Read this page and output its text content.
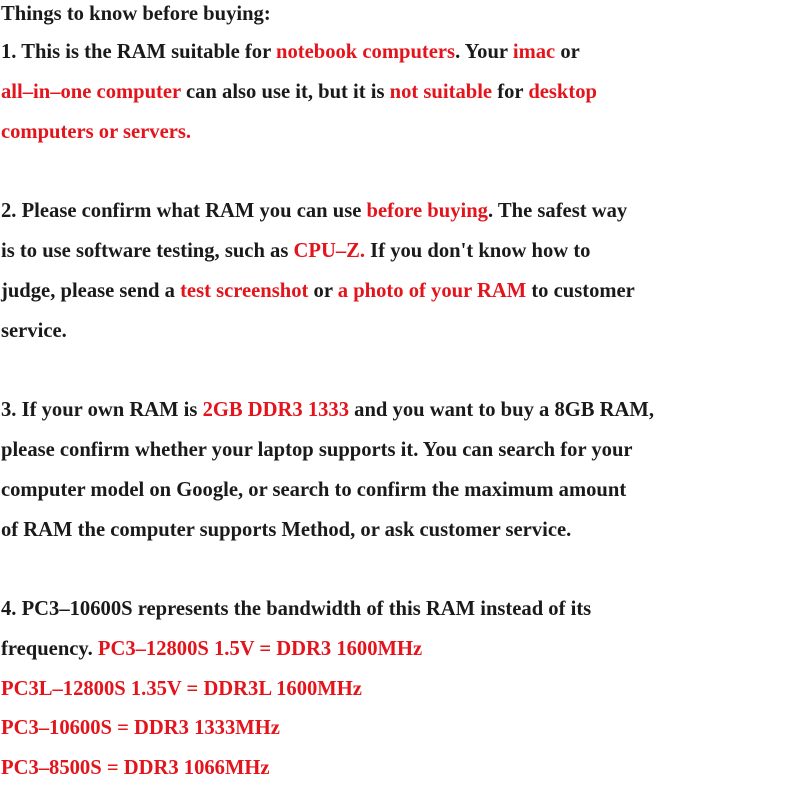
Things to know before buying:
1. This is the RAM suitable for notebook computers. Your imac or
all–in–one computer can also use it, but it is not suitable for desktop
computers or servers.
2. Please confirm what RAM you can use before buying. The safest way
is to use software testing, such as CPU–Z. If you don't know how to
judge, please send a test screenshot or a photo of your RAM to customer
service.
3. If your own RAM is 2GB DDR3 1333 and you want to buy a 8GB RAM,
please confirm whether your laptop supports it. You can search for your
computer model on Google, or search to confirm the maximum amount
of RAM the computer supports Method, or ask customer service.
4. PC3–10600S represents the bandwidth of this RAM instead of its
frequency. PC3–12800S 1.5V = DDR3 1600MHz
PC3L–12800S 1.35V = DDR3L 1600MHz
PC3–10600S = DDR3 1333MHz
PC3–8500S = DDR3 1066MHz
